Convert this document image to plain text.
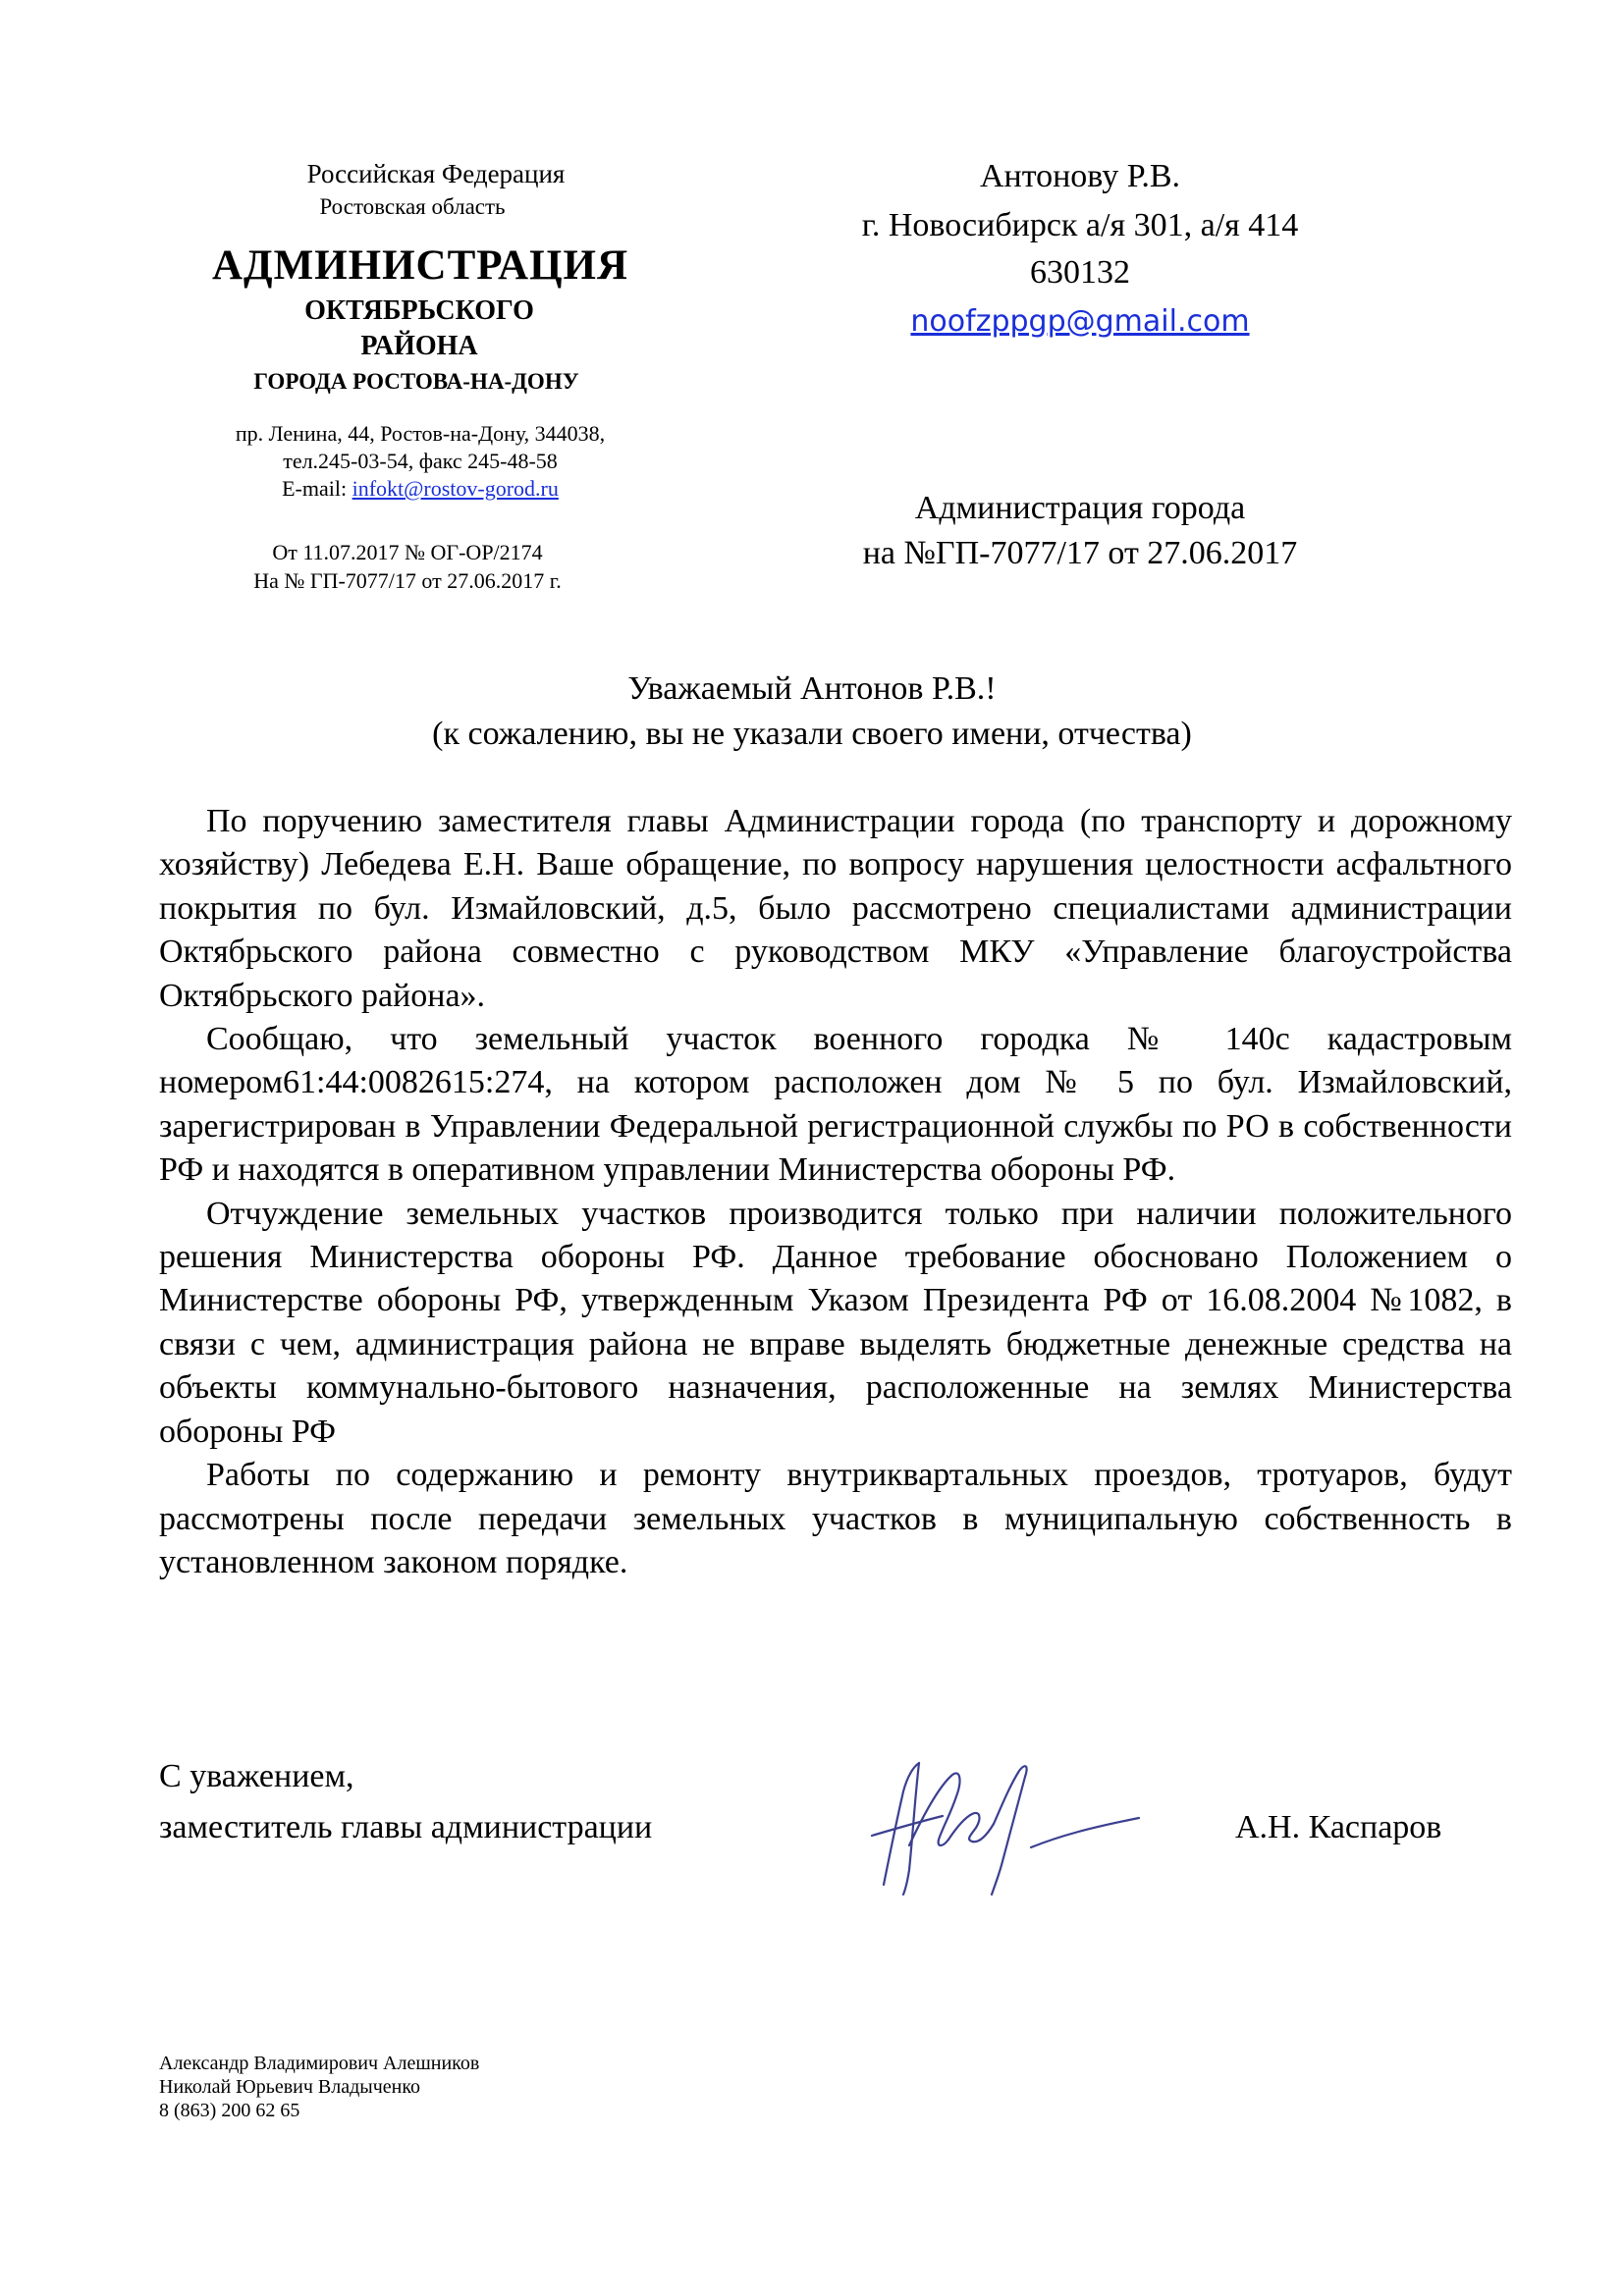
Российская Федерация
Ростовская область
АДМИНИСТРАЦИЯ
ОКТЯБРЬСКОГО
РАЙОНА
ГОРОДА РОСТОВА-НА-ДОНУ
пр. Ленина, 44, Ростов-на-Дону, 344038,
тел.245-03-54, факс 245-48-58
E-mail: infokt@rostov-gorod.ru
От 11.07.2017 № ОГ-ОР/2174
На № ГП-7077/17 от 27.06.2017 г.
Антонову Р.В.
г. Новосибирск а/я 301, а/я 414
630132
noofzppgp@gmail.com
Администрация города
на №ГП-7077/17 от 27.06.2017
Уважаемый Антонов Р.В.!
(к сожалению, вы не указали своего имени, отчества)

По поручению заместителя главы Администрации города (по транспорту и дорожному хозяйству) Лебедева Е.Н. Ваше обращение, по вопросу нарушения целостности асфальтного покрытия по бул. Измайловский, д.5, было рассмотрено специалистами администрации Октябрьского района совместно с руководством МКУ «Управление благоустройства Октябрьского района».

Сообщаю, что земельный участок военного городка № 140с кадастровым номером61:44:0082615:274, на котором расположен дом № 5 по бул. Измайловский, зарегистрирован в Управлении Федеральной регистрационной службы по РО в собственности РФ и находятся в оперативном управлении Министерства обороны РФ.

Отчуждение земельных участков производится только при наличии положительного решения Министерства обороны РФ. Данное требование обосновано Положением о Министерстве обороны РФ, утвержденным Указом Президента РФ от 16.08.2004 №1082, в связи с чем, администрация района не вправе выделять бюджетные денежные средства на объекты коммунально-бытового назначения, расположенные на землях Министерства обороны РФ

Работы по содержанию и ремонту внутриквартальных проездов, тротуаров, будут рассмотрены после передачи земельных участков в муниципальную собственность в установленном законом порядке.

С уважением,
заместитель главы администрации	А.Н. Каспаров
Александр Владимирович Алешников
Николай Юрьевич Владыченко
8 (863) 200 62 65
